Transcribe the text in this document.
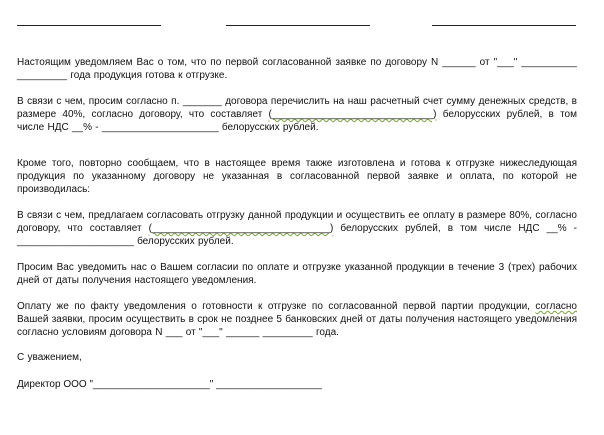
Настоящим уведомляем Вас о том, что по первой согласованной заявке по договору N ______ от "___" __________ _________ года продукция готова к отгрузке.
В связи с чем, просим согласно п. _______ договора перечислить на наш расчетный счет сумму денежных средств, в размере 40%, согласно договору, что составляет (_____________________________) белорусских рублей, в том числе НДС __% - _____________________ белорусских рублей.
Кроме того, повторно сообщаем, что в настоящее время также изготовлена и готова к отгрузке нижеследующая продукция по указанному договору не указанная в согласованной первой заявке и оплата, по которой не производилась:
В связи с чем, предлагаем согласовать отгрузку данной продукции и осуществить ее оплату в размере 80%, согласно договору, что составляет (________________________________) белорусских рублей, в том числе НДС __% - _____________________ белорусских рублей.
Просим Вас уведомить нас о Вашем согласии по оплате и отгрузке указанной продукции в течение 3 (трех) рабочих дней от даты получения настоящего уведомления.
Оплату же по факту уведомления о готовности к отгрузке по согласованной первой партии продукции, согласно Вашей заявки, просим осуществить в срок не позднее 5 банковских дней от даты получения настоящего уведомления согласно условиям договора N ___ от "___" ______ _________ года.
С уважением,
Директор ООО "_____________________" ___________________
